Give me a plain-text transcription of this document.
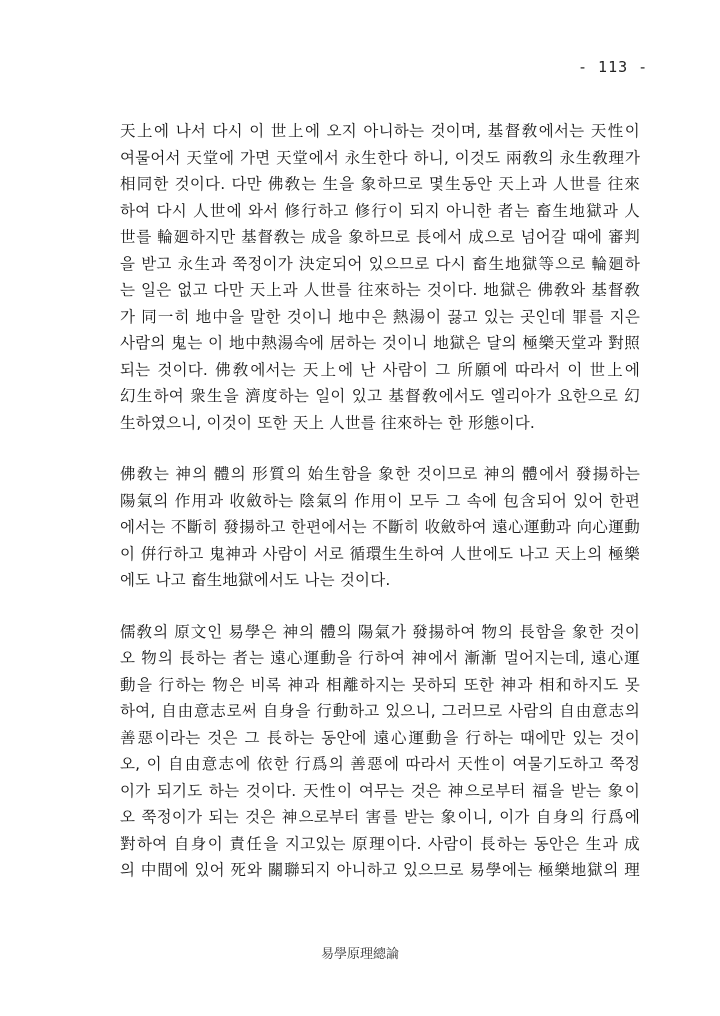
- 113 -
天上에 나서 다시 이 世上에 오지 아니하는 것이며, 基督敎에서는 天性이
여물어서 天堂에 가면 天堂에서 永生한다 하니, 이것도 兩敎의 永生敎理가
相同한 것이다. 다만 佛敎는 生을 象하므로 몇生동안 天上과 人世를 往來
하여 다시 人世에 와서 修行하고 修行이 되지 아니한 者는 畜生地獄과 人
世를 輪廻하지만 基督敎는 成을 象하므로 長에서 成으로 넘어갈 때에 審判
을 받고 永生과 쭉정이가 決定되어 있으므로 다시 畜生地獄等으로 輪廻하
는 일은 없고 다만 天上과 人世를 往來하는 것이다. 地獄은 佛敎와 基督敎
가 同一히 地中을 말한 것이니 地中은 熱湯이 끓고 있는 곳인데 罪를 지은
사람의 鬼는 이 地中熱湯속에 居하는 것이니 地獄은 달의 極樂天堂과 對照
되는 것이다. 佛敎에서는 天上에 난 사람이 그 所願에 따라서 이 世上에
幻生하여 衆生을 濟度하는 일이 있고 基督敎에서도 엘리아가 요한으로 幻
生하였으니, 이것이 또한 天上 人世를 往來하는 한 形態이다.
佛敎는 神의 體의 形質의 始生함을 象한 것이므로 神의 體에서 發揚하는
陽氣의 作用과 收斂하는 陰氣의 作用이 모두 그 속에 包含되어 있어 한편
에서는 不斷히 發揚하고 한편에서는 不斷히 收斂하여 遠心運動과 向心運動
이 倂行하고 鬼神과 사람이 서로 循環生生하여 人世에도 나고 天上의 極樂
에도 나고 畜生地獄에서도 나는 것이다.
儒敎의 原文인 易學은 神의 體의 陽氣가 發揚하여 物의 長함을 象한 것이
오 物의 長하는 者는 遠心運動을 行하여 神에서 漸漸 멀어지는데, 遠心運
動을 行하는 物은 비록 神과 相離하지는 못하되 또한 神과 相和하지도 못
하여, 自由意志로써 自身을 行動하고 있으니, 그러므로 사람의 自由意志의
善惡이라는 것은 그 長하는 동안에 遠心運動을 行하는 때에만 있는 것이
오, 이 自由意志에 依한 行爲의 善惡에 따라서 天性이 여물기도하고 쭉정
이가 되기도 하는 것이다. 天性이 여무는 것은 神으로부터 福을 받는 象이
오 쭉정이가 되는 것은 神으로부터 害를 받는 象이니, 이가 自身의 行爲에
對하여 自身이 責任을 지고있는 原理이다. 사람이 長하는 동안은 生과 成
의 中間에 있어 死와 關聯되지 아니하고 있으므로 易學에는 極樂地獄의 理
易學原理總論
